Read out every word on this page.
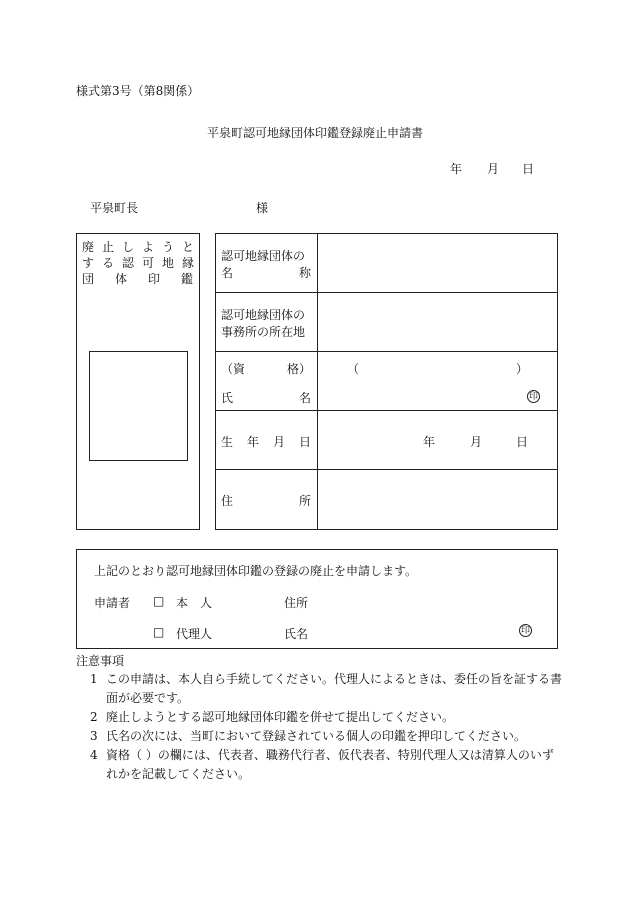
様式第3号（第8関係）
平泉町認可地縁団体印鑑登録廃止申請書
年 月 日
平泉町長	様
廃止しようと
する認可地縁
団体印鑑
認可地縁団体の
名	称
認可地縁団体の
事務所の所在地
（資	格）	（	）
氏	名	印
生 年 月 日	年	月	日
住	所
上記のとおり認可地縁団体印鑑の登録の廃止を申請します。
申請者 □ 本　人	住所
□ 代理人	氏名	印
注意事項
1 この申請は、本人自ら手続してください。代理人によるときは、委任の旨を証する書面が必要です。
2 廃止しようとする認可地縁団体印鑑を併せて提出してください。
3 氏名の次には、当町において登録されている個人の印鑑を押印してください。
4 資格（ ）の欄には、代表者、職務代行者、仮代表者、特別代理人又は清算人のいずれかを記載してください。
